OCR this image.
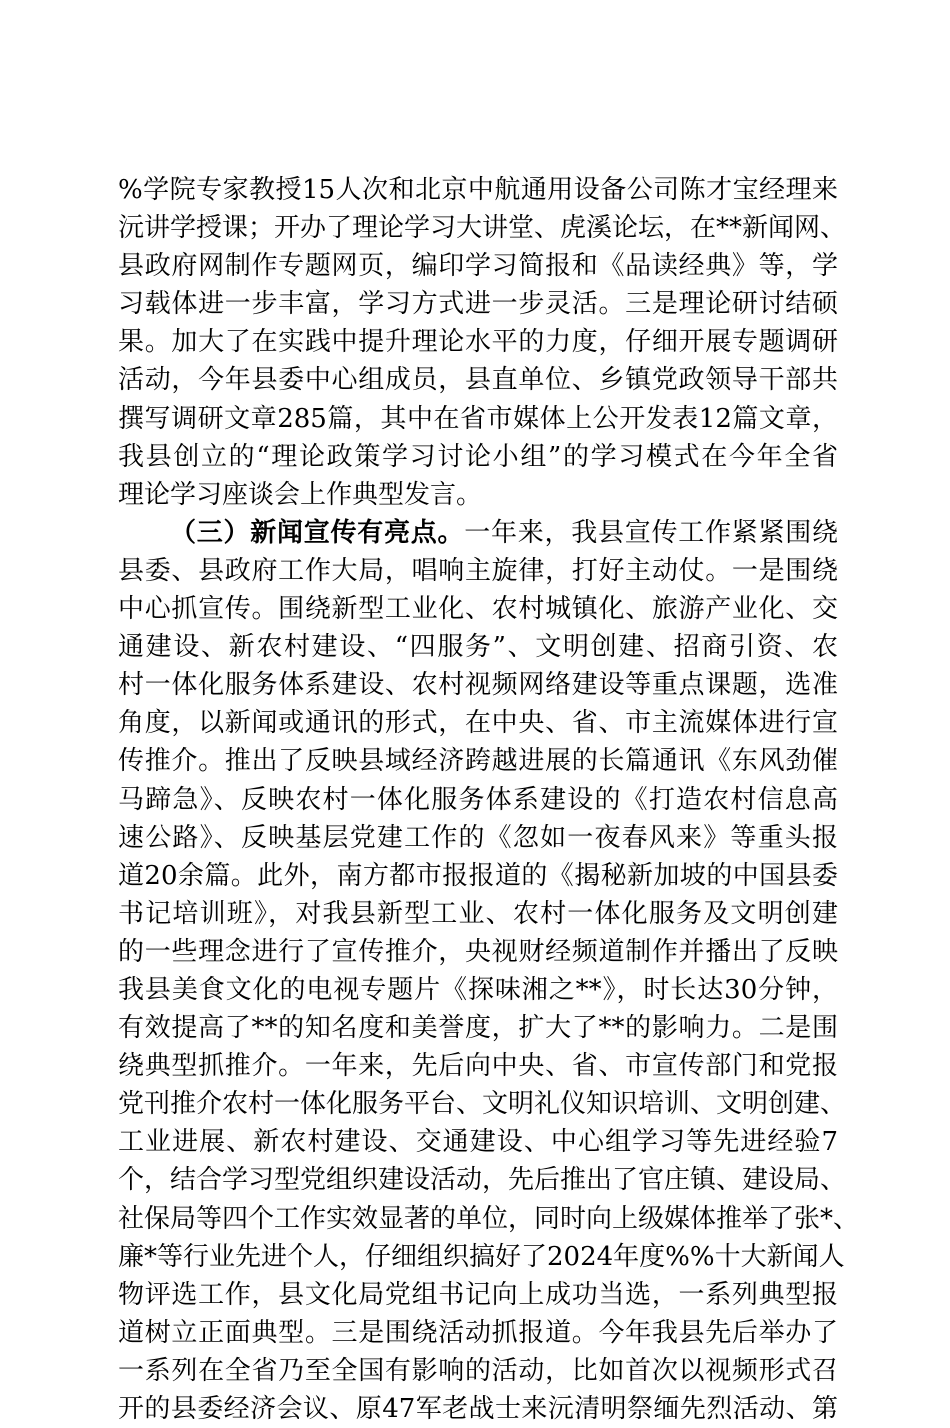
%学院专家教授15人次和北京中航通用设备公司陈才宝经理来
沅讲学授课；开办了理论学习大讲堂、虎溪论坛，在**新闻网、
县政府网制作专题网页，编印学习简报和《品读经典》等，学
习载体进一步丰富，学习方式进一步灵活。三是理论研讨结硕
果。加大了在实践中提升理论水平的力度，仔细开展专题调研
活动，今年县委中心组成员，县直单位、乡镇党政领导干部共
撰写调研文章285篇，其中在省市媒体上公开发表12篇文章，
我县创立的“理论政策学习讨论小组”的学习模式在今年全省
理论学习座谈会上作典型发言。
（三）新闻宣传有亮点。一年来，我县宣传工作紧紧围绕
县委、县政府工作大局，唱响主旋律，打好主动仗。一是围绕
中心抓宣传。围绕新型工业化、农村城镇化、旅游产业化、交
通建设、新农村建设、“四服务”、文明创建、招商引资、农
村一体化服务体系建设、农村视频网络建设等重点课题，选准
角度，以新闻或通讯的形式，在中央、省、市主流媒体进行宣
传推介。推出了反映县域经济跨越进展的长篇通讯《东风劲催
马蹄急》、反映农村一体化服务体系建设的《打造农村信息高
速公路》、反映基层党建工作的《忽如一夜春风来》等重头报
道20余篇。此外，南方都市报报道的《揭秘新加坡的中国县委
书记培训班》，对我县新型工业、农村一体化服务及文明创建
的一些理念进行了宣传推介，央视财经频道制作并播出了反映
我县美食文化的电视专题片《探味湘之**》，时长达30分钟，
有效提高了**的知名度和美誉度，扩大了**的影响力。二是围
绕典型抓推介。一年来，先后向中央、省、市宣传部门和党报
党刊推介农村一体化服务平台、文明礼仪知识培训、文明创建、
工业进展、新农村建设、交通建设、中心组学习等先进经验7
个，结合学习型党组织建设活动，先后推出了官庄镇、建设局、
社保局等四个工作实效显著的单位，同时向上级媒体推举了张*、
廉*等行业先进个人，仔细组织搞好了2024年度%%十大新闻人
物评选工作，县文化局党组书记向上成功当选，一系列典型报
道树立正面典型。三是围绕活动抓报道。今年我县先后举办了
一系列在全省乃至全国有影响的活动，比如首次以视频形式召
开的县委经济会议、原47军老战士来沅清明祭缅先烈活动、第
